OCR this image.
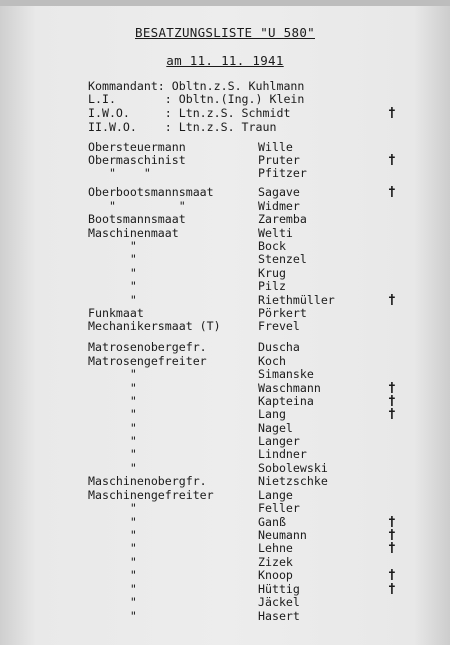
BESATZUNGSLISTE "U 580"
am 11. 11. 1941
Kommandant: Obltn.z.S. Kuhlmann
L.I.       : Obltn.(Ing.) Klein
I.W.O.     : Ltn.z.S. Schmidt	†
II.W.O.    : Ltn.z.S. Traun
Obersteuermann	Wille
Obermaschinist	Pruter	†
"    "	Pfitzer
Oberbootsmannsmaat	Sagave	†
"         "	Widmer
Bootsmannsmaat	Zaremba
Maschinenmaat	Welti
"	Bock
"	Stenzel
"	Krug
"	Pilz
"	Riethmüller	†
Funkmaat	Pörkert
Mechanikersmaat (T)	Frevel
Matrosenobergefr.	Duscha
Matrosengefreiter	Koch
"	Simanske
"	Waschmann	†
"	Kapteina	†
"	Lang	†
"	Nagel
"	Langer
"	Lindner
"	Sobolewski
Maschinenobergfr.	Nietzschke
Maschinengefreiter	Lange
"	Feller
"	Ganß	†
"	Neumann	†
"	Lehne	†
"	Zizek
"	Knoop	†
"	Hüttig	†
"	Jäckel
"	Hasert
